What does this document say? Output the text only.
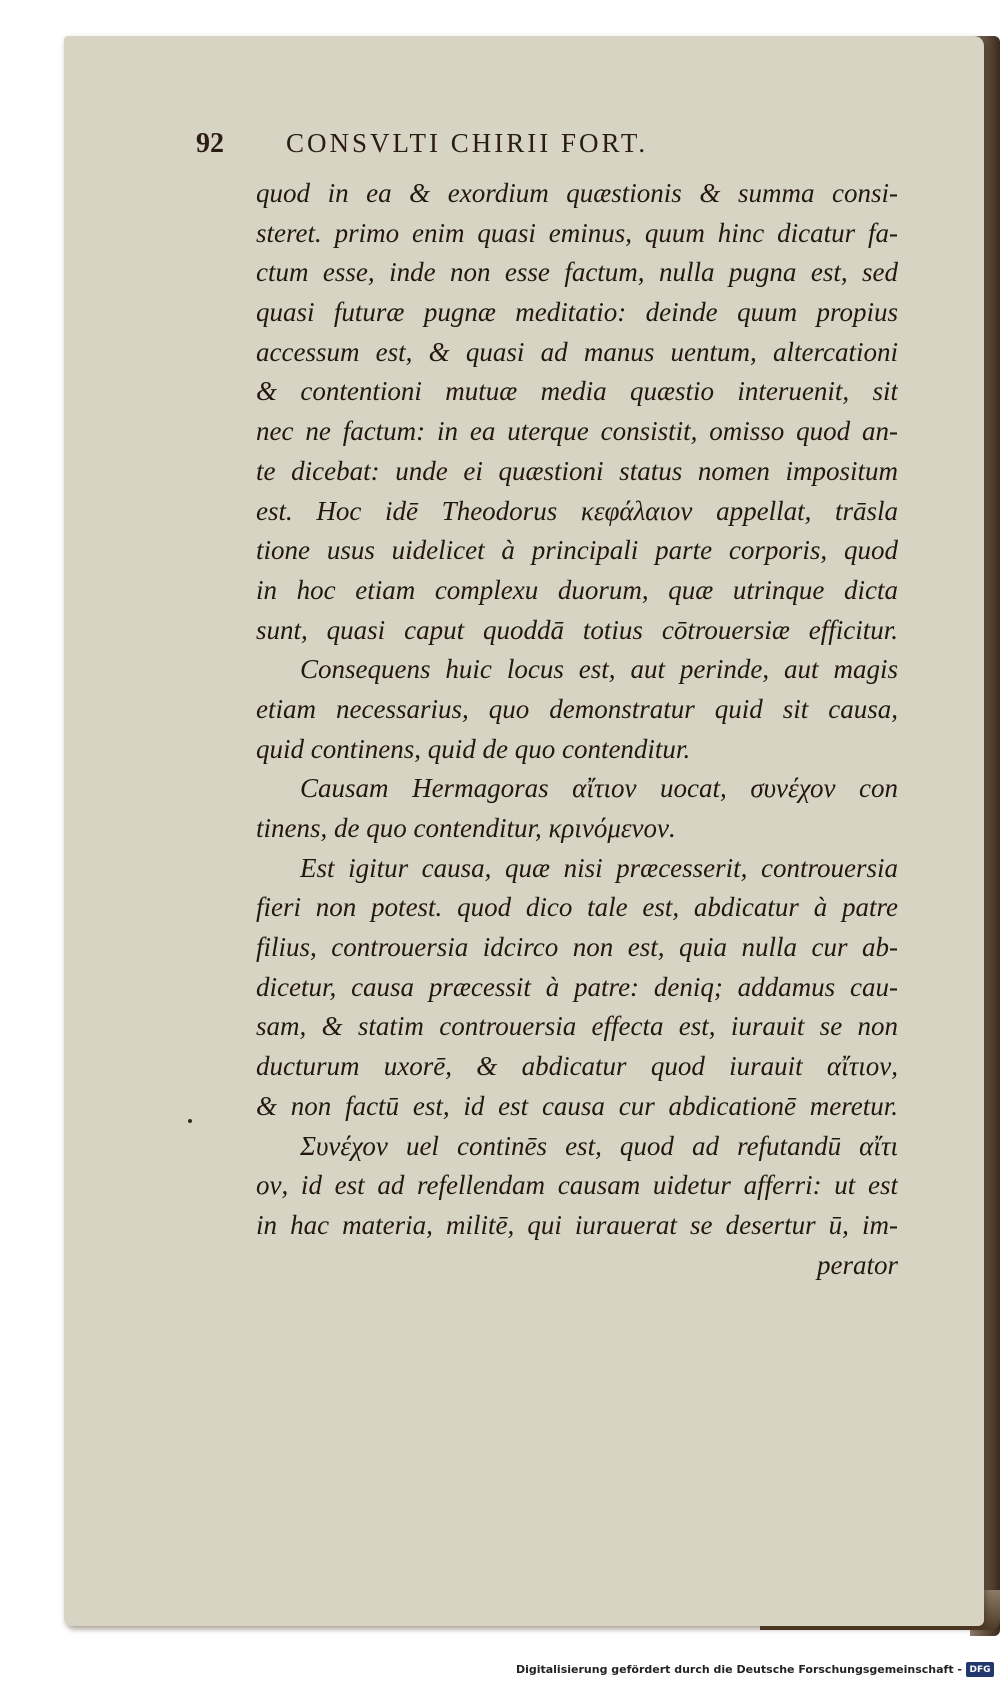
92	CONSVLTI CHIRII FORT.
quod in ea & exordium quæstionis & summa consi-
steret. primo enim quasi eminus, quum hinc dicatur fa-
ctum esse, inde non esse factum, nulla pugna est, sed
quasi futuræ pugnæ meditatio: deinde quum propius
accessum est, & quasi ad manus uentum, altercationi
& contentioni mutuæ media quæstio interuenit, sit
nec ne factum: in ea uterque consistit, omisso quod an-
te dicebat: unde ei quæstioni status nomen impositum
est. Hoc idē Theodorus κεφάλαιον appellat, trāsla
tione usus uidelicet à principali parte corporis, quod
in hoc etiam complexu duorum, quæ utrinque dicta
sunt, quasi caput quoddā totius cōtrouersiæ efficitur.
Consequens huic locus est, aut perinde, aut magis
etiam necessarius, quo demonstratur quid sit causa,
quid continens, quid de quo contenditur.
Causam Hermagoras αἴτιον uocat, συνέχον con
tinens, de quo contenditur, κρινόμενον.
Est igitur causa, quæ nisi præcesserit, controuersia
fieri non potest. quod dico tale est, abdicatur à patre
filius, controuersia idcirco non est, quia nulla cur ab-
dicetur, causa præcessit à patre: deniq; addamus cau-
sam, & statim controuersia effecta est, iurauit se non
ducturum uxorē, & abdicatur quod iurauit αἴτιον,
& non factū est, id est causa cur abdicationē meretur.
Συνέχον uel continēs est, quod ad refutandū αἴτι
ον, id est ad refellendam causam uidetur afferri: ut est
in hac materia, militē, qui iurauerat se desertur ū, im-
perator
Digitalisierung gefördert durch die Deutsche Forschungsgemeinschaft - DFG
